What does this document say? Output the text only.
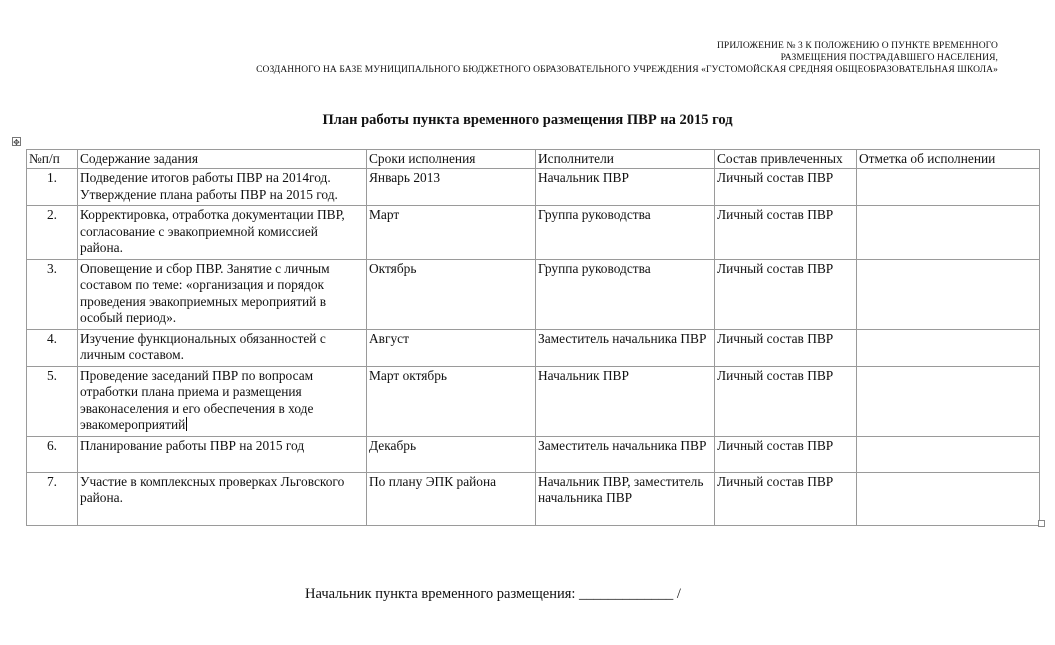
ПРИЛОЖЕНИЕ № 3 К ПОЛОЖЕНИЮ О ПУНКТЕ ВРЕМЕННОГО
РАЗМЕЩЕНИЯ ПОСТРАДАВШЕГО НАСЕЛЕНИЯ,
СОЗДАННОГО НА БАЗЕ МУНИЦИПАЛЬНОГО БЮДЖЕТНОГО ОБРАЗОВАТЕЛЬНОГО УЧРЕЖДЕНИЯ «ГУСТОМОЙСКАЯ СРЕДНЯЯ ОБЩЕОБРАЗОВАТЕЛЬНАЯ ШКОЛА»
План работы пункта временного размещения ПВР на 2015 год
✥
№п/п	Содержание задания	Сроки исполнения	Исполнители	Состав привлеченных	Отметка об исполнении
1.	Подведение итогов работы ПВР на 2014год. Утверждение плана работы ПВР на 2015 год.	Январь 2013	Начальник ПВР	Личный состав ПВР	
2.	Корректировка, отработка документации ПВР, согласование с эвакоприемной комиссией района.	Март	Группа руководства	Личный состав ПВР	
3.	Оповещение и сбор ПВР. Занятие с личным составом по теме: «организация и порядок проведения эвакоприемных мероприятий в особый период».	Октябрь	Группа руководства	Личный состав ПВР	
4.	Изучение функциональных обязанностей с личным составом.	Август	Заместитель начальника ПВР	Личный состав ПВР	
5.	Проведение заседаний ПВР по вопросам отработки плана приема и размещения эваконаселения и его обеспечения в ходе эвакомероприятий	Март октябрь	Начальник ПВР	Личный состав ПВР	
6.	Планирование работы ПВР на 2015 год	Декабрь	Заместитель начальника ПВР	Личный состав ПВР	
7.	Участие в комплексных проверках Льговского района.	По плану ЭПК района	Начальник ПВР, заместитель начальника ПВР	Личный состав ПВР	
Начальник пункта временного размещения: _____________ /
